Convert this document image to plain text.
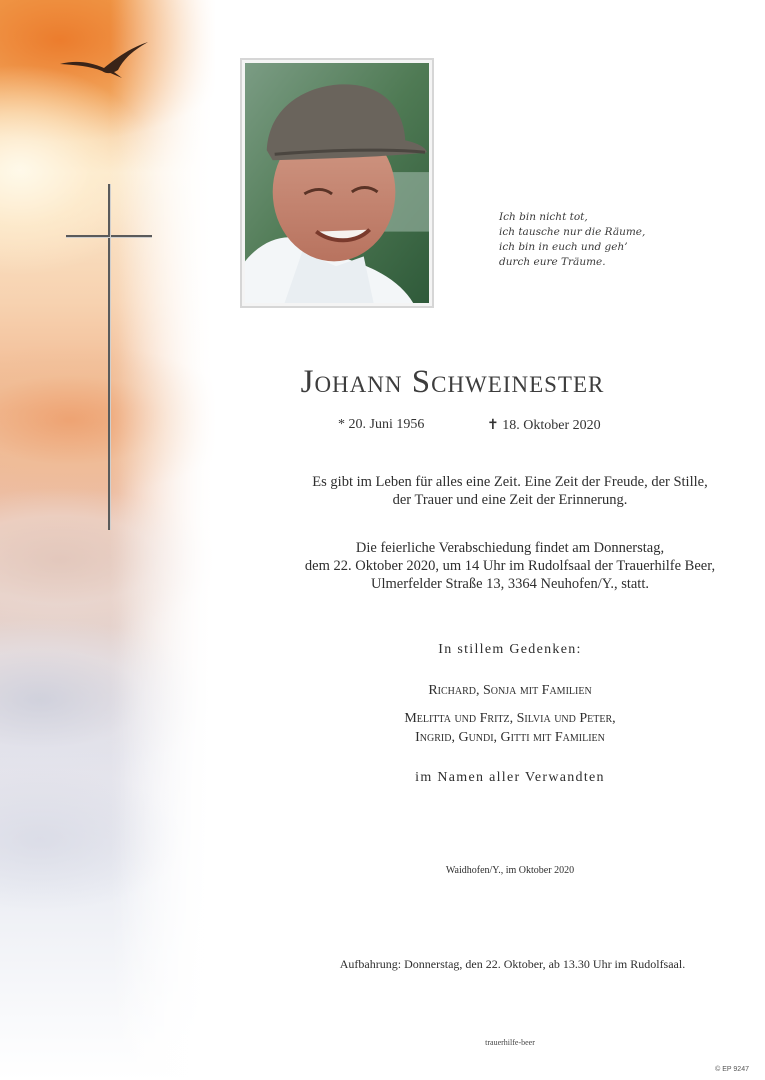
Ich bin nicht tot,
ich tausche nur die Räume,
ich bin in euch und geh’
durch eure Träume.
Johann Schweinester
* 20. Juni 1956	✝ 18. Oktober 2020
Es gibt im Leben für alles eine Zeit. Eine Zeit der Freude, der Stille,
der Trauer und eine Zeit der Erinnerung.
Die feierliche Verabschiedung findet am Donnerstag,
dem 22. Oktober 2020, um 14 Uhr im Rudolfsaal der Trauerhilfe Beer,
Ulmerfelder Straße 13, 3364 Neuhofen/Y., statt.
In stillem Gedenken:
Richard, Sonja mit Familien
Melitta und Fritz, Silvia und Peter,
Ingrid, Gundi, Gitti mit Familien
im Namen aller Verwandten
Waidhofen/Y., im Oktober 2020
Aufbahrung: Donnerstag, den 22. Oktober, ab 13.30 Uhr im Rudolfsaal.
trauerhilfe-beer
© EP 9247
